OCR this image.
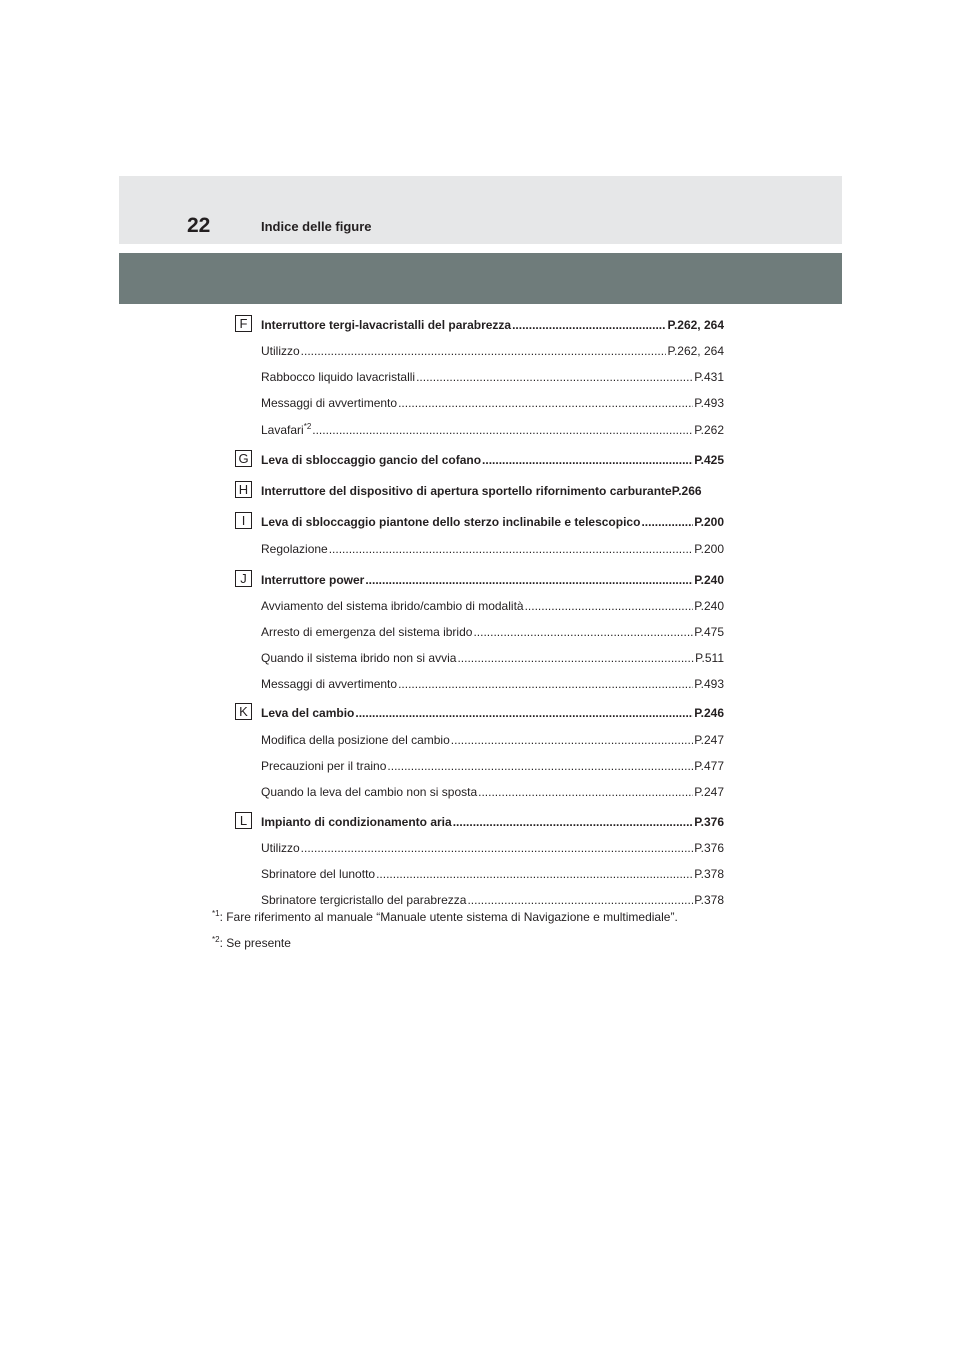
22	Indice delle figure
F	Interruttore tergi-lavacristalli del parabrezza .....	P.262, 264
Utilizzo .....	P.262, 264
Rabbocco liquido lavacristalli .....	P.431
Messaggi di avvertimento .....	P.493
Lavafari$^{*2}$ .....	P.262
G Leva di sbloccaggio gancio del cofano .....	P.425
H	Interruttore del dispositivo di apertura sportello rifornimento carburante P.266
I	Leva di sbloccaggio piantone dello sterzo inclinabile e telescopico .....	P.200
Regolazione .....	P.200
J	Interruttore power .....	P.240
Avviamento del sistema ibrido/cambio di modalità .....	P.240
Arresto di emergenza del sistema ibrido .....	P.475
Quando il sistema ibrido non si avvia .....	P.511
Messaggi di avvertimento .....	P.493
K	Leva del cambio .....	P.246
Modifica della posizione del cambio .....	P.247
Precauzioni per il traino .....	P.477
Quando la leva del cambio non si sposta .....	P.247
L	Impianto di condizionamento aria .....	P.376
Utilizzo .....	P.376
Sbrinatore del lunotto .....	P.378
Sbrinatore tergicristallo del parabrezza .....	P.378
$^{*1}$: Fare riferimento al manuale “Manuale utente sistema di Navigazione e multimediale”.
$^{*2}$: Se presente
